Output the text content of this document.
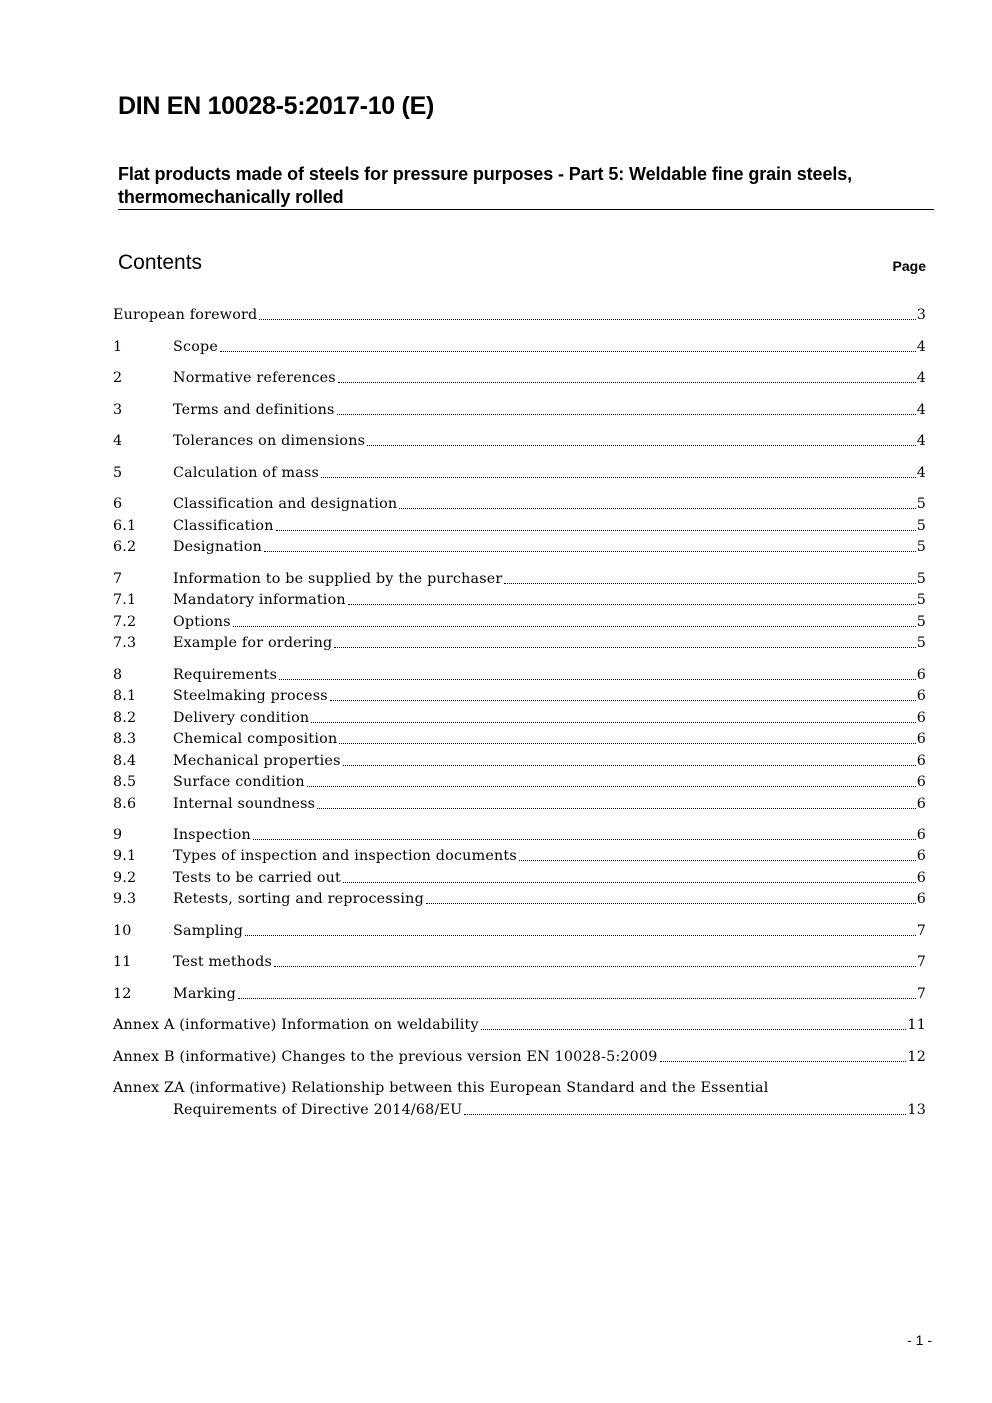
DIN EN 10028-5:2017-10 (E)
Flat products made of steels for pressure purposes - Part 5: Weldable fine grain steels, thermomechanically rolled
Contents	Page
European foreword	3
1	Scope	4
2	Normative references	4
3	Terms and definitions	4
4	Tolerances on dimensions	4
5	Calculation of mass	4
6	Classification and designation	5
6.1	Classification	5
6.2	Designation	5
7	Information to be supplied by the purchaser	5
7.1	Mandatory information	5
7.2	Options	5
7.3	Example for ordering	5
8	Requirements	6
8.1	Steelmaking process	6
8.2	Delivery condition	6
8.3	Chemical composition	6
8.4	Mechanical properties	6
8.5	Surface condition	6
8.6	Internal soundness	6
9	Inspection	6
9.1	Types of inspection and inspection documents	6
9.2	Tests to be carried out	6
9.3	Retests, sorting and reprocessing	6
10	Sampling	7
11	Test methods	7
12	Marking	7
Annex A (informative) Information on weldability	11
Annex B (informative) Changes to the previous version EN 10028-5:2009	12
Annex ZA (informative) Relationship between this European Standard and the Essential
Requirements of Directive 2014/68/EU	13
- 1 -
